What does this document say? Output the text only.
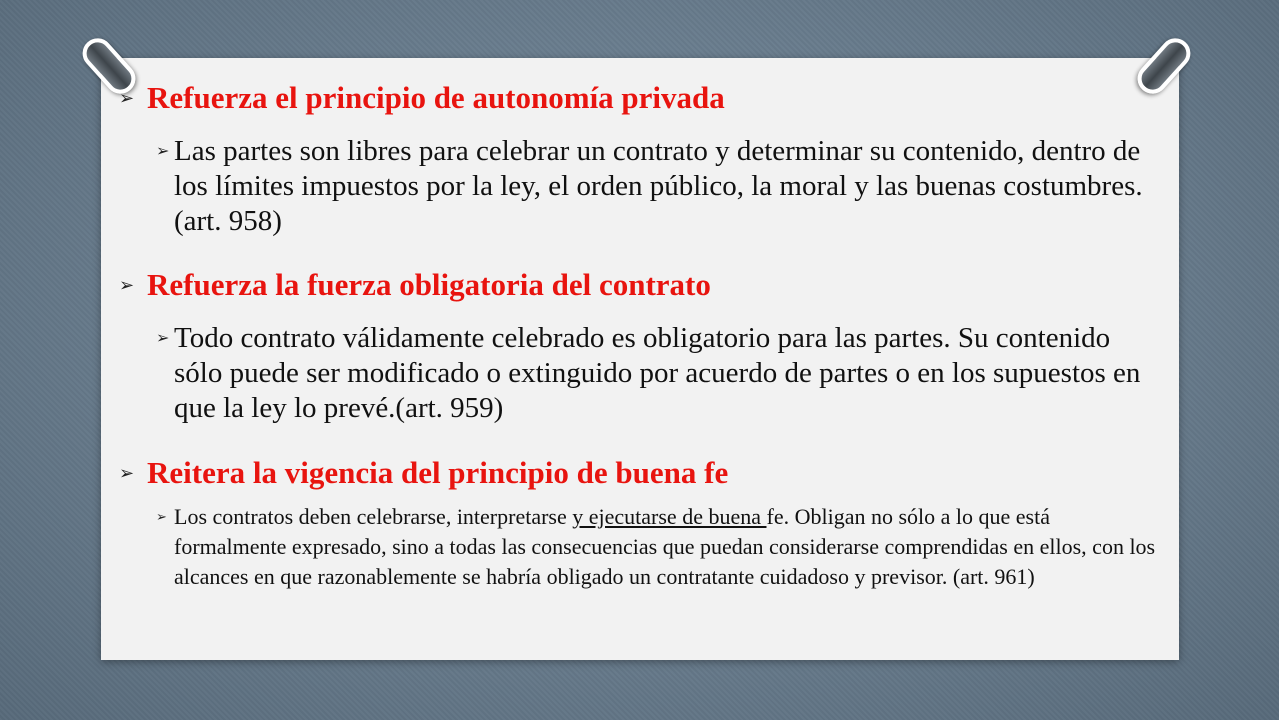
➢ Refuerza el principio de autonomía privada
➢ Las partes son libres para celebrar un contrato y determinar su contenido, dentro de los límites impuestos por la ley, el orden público, la moral y las buenas costumbres.(art. 958)
➢ Refuerza la fuerza obligatoria del contrato
➢ Todo contrato válidamente celebrado es obligatorio para las partes. Su contenido sólo puede ser modificado o extinguido por acuerdo de partes o en los supuestos en que la ley lo prevé.(art. 959)
➢ Reitera la vigencia del principio de buena fe
➢ Los contratos deben celebrarse, interpretarse y ejecutarse de buena fe. Obligan no sólo a lo que está formalmente expresado, sino a todas las consecuencias que puedan considerarse comprendidas en ellos, con los alcances en que razonablemente se habría obligado un contratante cuidadoso y previsor. (art. 961)
